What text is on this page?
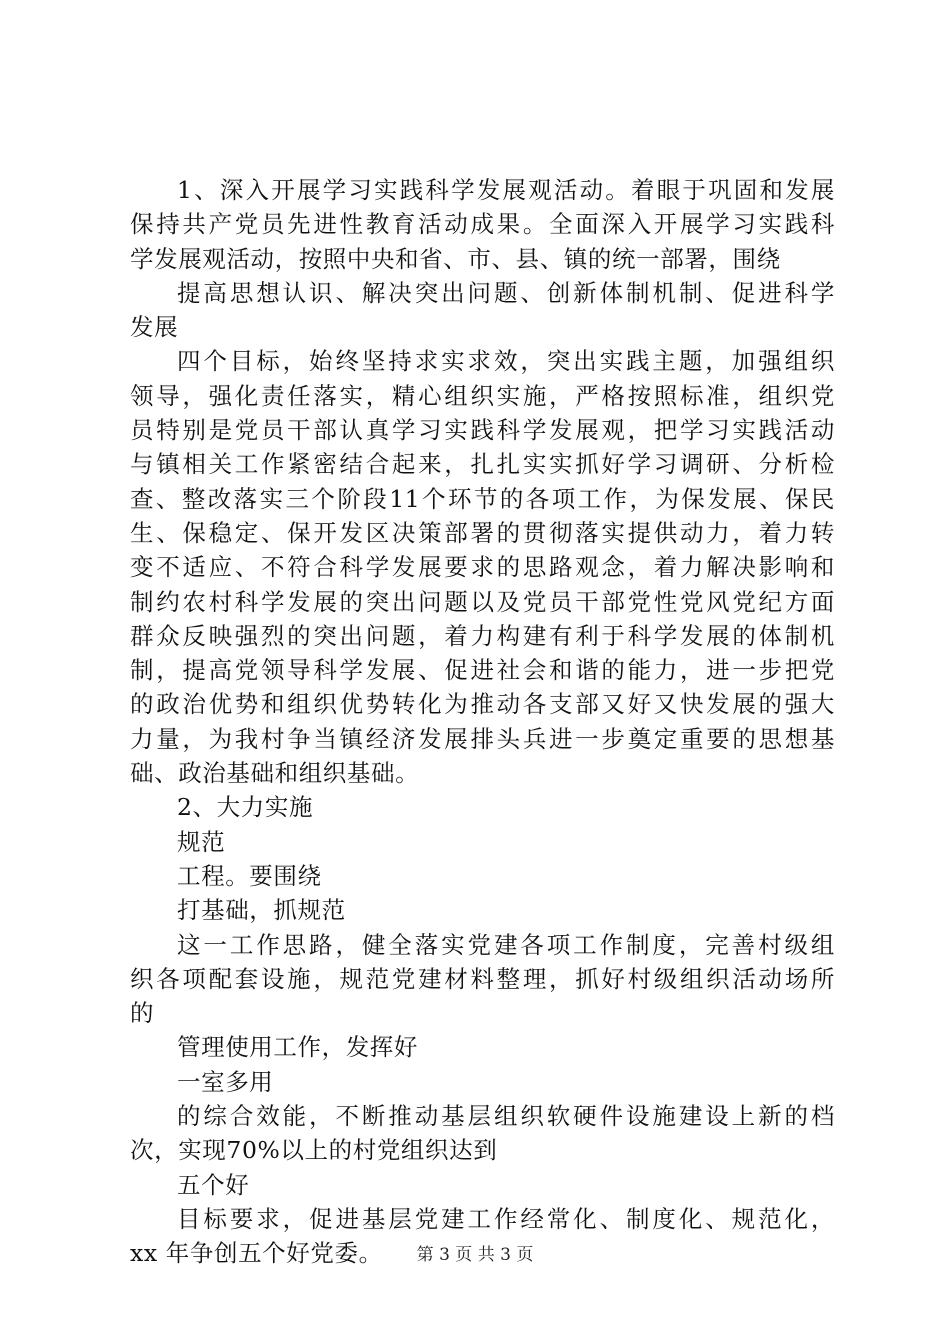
1、深入开展学习实践科学发展观活动。着眼于巩固和发展
保持共产党员先进性教育活动成果。全面深入开展学习实践科
学发展观活动，按照中央和省、市、县、镇的统一部署，围绕
提高思想认识、解决突出问题、创新体制机制、促进科学
发展
四个目标，始终坚持求实求效，突出实践主题，加强组织
领导，强化责任落实，精心组织实施，严格按照标准，组织党
员特别是党员干部认真学习实践科学发展观，把学习实践活动
与镇相关工作紧密结合起来，扎扎实实抓好学习调研、分析检
查、整改落实三个阶段11个环节的各项工作，为保发展、保民
生、保稳定、保开发区决策部署的贯彻落实提供动力，着力转
变不适应、不符合科学发展要求的思路观念，着力解决影响和
制约农村科学发展的突出问题以及党员干部党性党风党纪方面
群众反映强烈的突出问题，着力构建有利于科学发展的体制机
制，提高党领导科学发展、促进社会和谐的能力，进一步把党
的政治优势和组织优势转化为推动各支部又好又快发展的强大
力量，为我村争当镇经济发展排头兵进一步奠定重要的思想基
础、政治基础和组织基础。
2、大力实施
规范
工程。要围绕
打基础，抓规范
这一工作思路，健全落实党建各项工作制度，完善村级组
织各项配套设施，规范党建材料整理，抓好村级组织活动场所
的
管理使用工作，发挥好
一室多用
的综合效能，不断推动基层组织软硬件设施建设上新的档
次，实现70%以上的村党组织达到
五个好
目标要求，促进基层党建工作经常化、制度化、规范化，
xx 年争创五个好党委。	第 3 页 共 3 页
